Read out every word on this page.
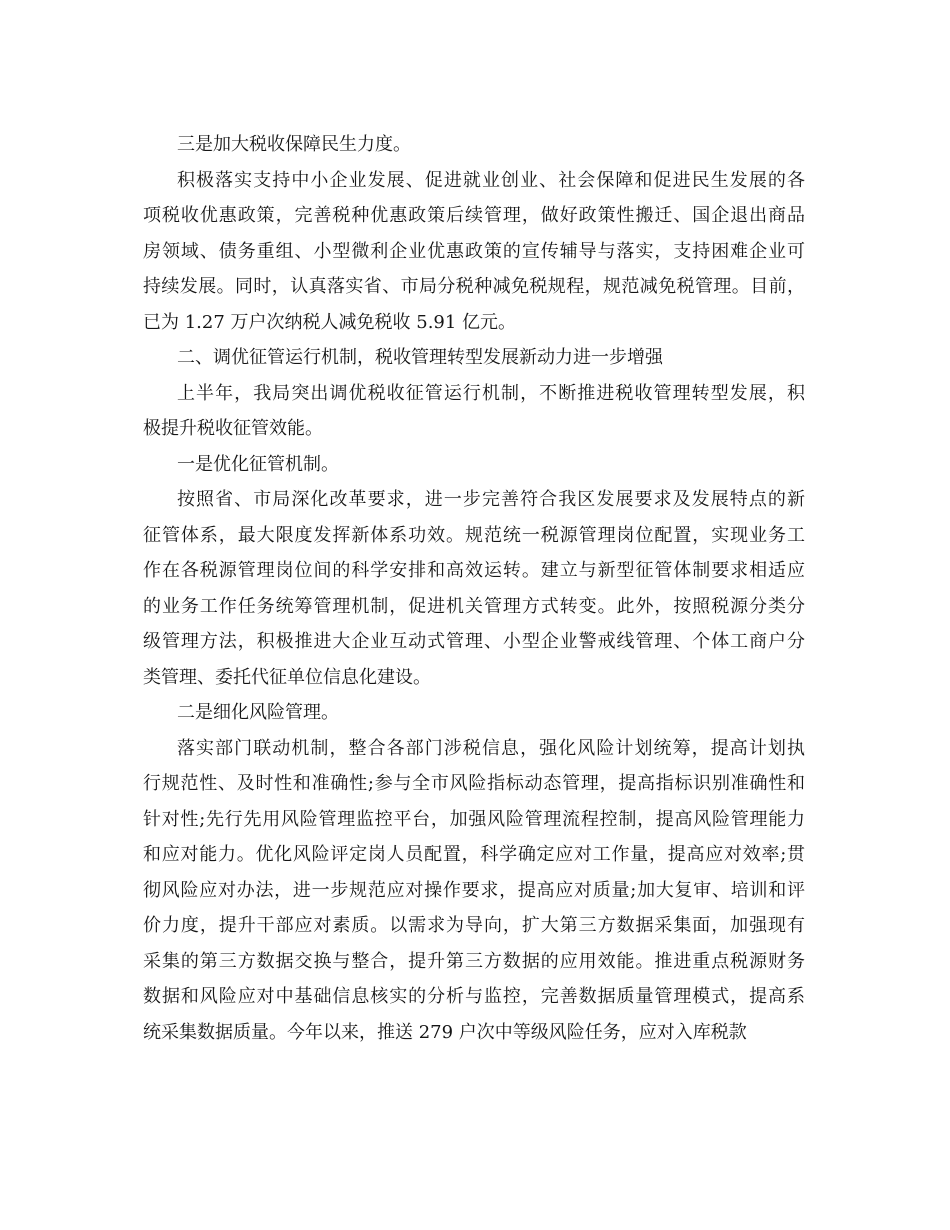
三是加大税收保障民生力度。
积极落实支持中小企业发展、促进就业创业、社会保障和促进民生发展的各
项税收优惠政策，完善税种优惠政策后续管理，做好政策性搬迁、国企退出商品
房领域、债务重组、小型微利企业优惠政策的宣传辅导与落实，支持困难企业可
持续发展。同时，认真落实省、市局分税种减免税规程，规范减免税管理。目前，
已为 1.27 万户次纳税人减免税收 5.91 亿元。
二、调优征管运行机制，税收管理转型发展新动力进一步增强
上半年，我局突出调优税收征管运行机制，不断推进税收管理转型发展，积
极提升税收征管效能。
一是优化征管机制。
按照省、市局深化改革要求，进一步完善符合我区发展要求及发展特点的新
征管体系，最大限度发挥新体系功效。规范统一税源管理岗位配置，实现业务工
作在各税源管理岗位间的科学安排和高效运转。建立与新型征管体制要求相适应
的业务工作任务统筹管理机制，促进机关管理方式转变。此外，按照税源分类分
级管理方法，积极推进大企业互动式管理、小型企业警戒线管理、个体工商户分
类管理、委托代征单位信息化建设。
二是细化风险管理。
落实部门联动机制，整合各部门涉税信息，强化风险计划统筹，提高计划执
行规范性、及时性和准确性;参与全市风险指标动态管理，提高指标识别准确性和
针对性;先行先用风险管理监控平台，加强风险管理流程控制，提高风险管理能力
和应对能力。优化风险评定岗人员配置，科学确定应对工作量，提高应对效率;贯
彻风险应对办法，进一步规范应对操作要求，提高应对质量;加大复审、培训和评
价力度，提升干部应对素质。以需求为导向，扩大第三方数据采集面，加强现有
采集的第三方数据交换与整合，提升第三方数据的应用效能。推进重点税源财务
数据和风险应对中基础信息核实的分析与监控，完善数据质量管理模式，提高系
统采集数据质量。今年以来，推送 279 户次中等级风险任务，应对入库税款
